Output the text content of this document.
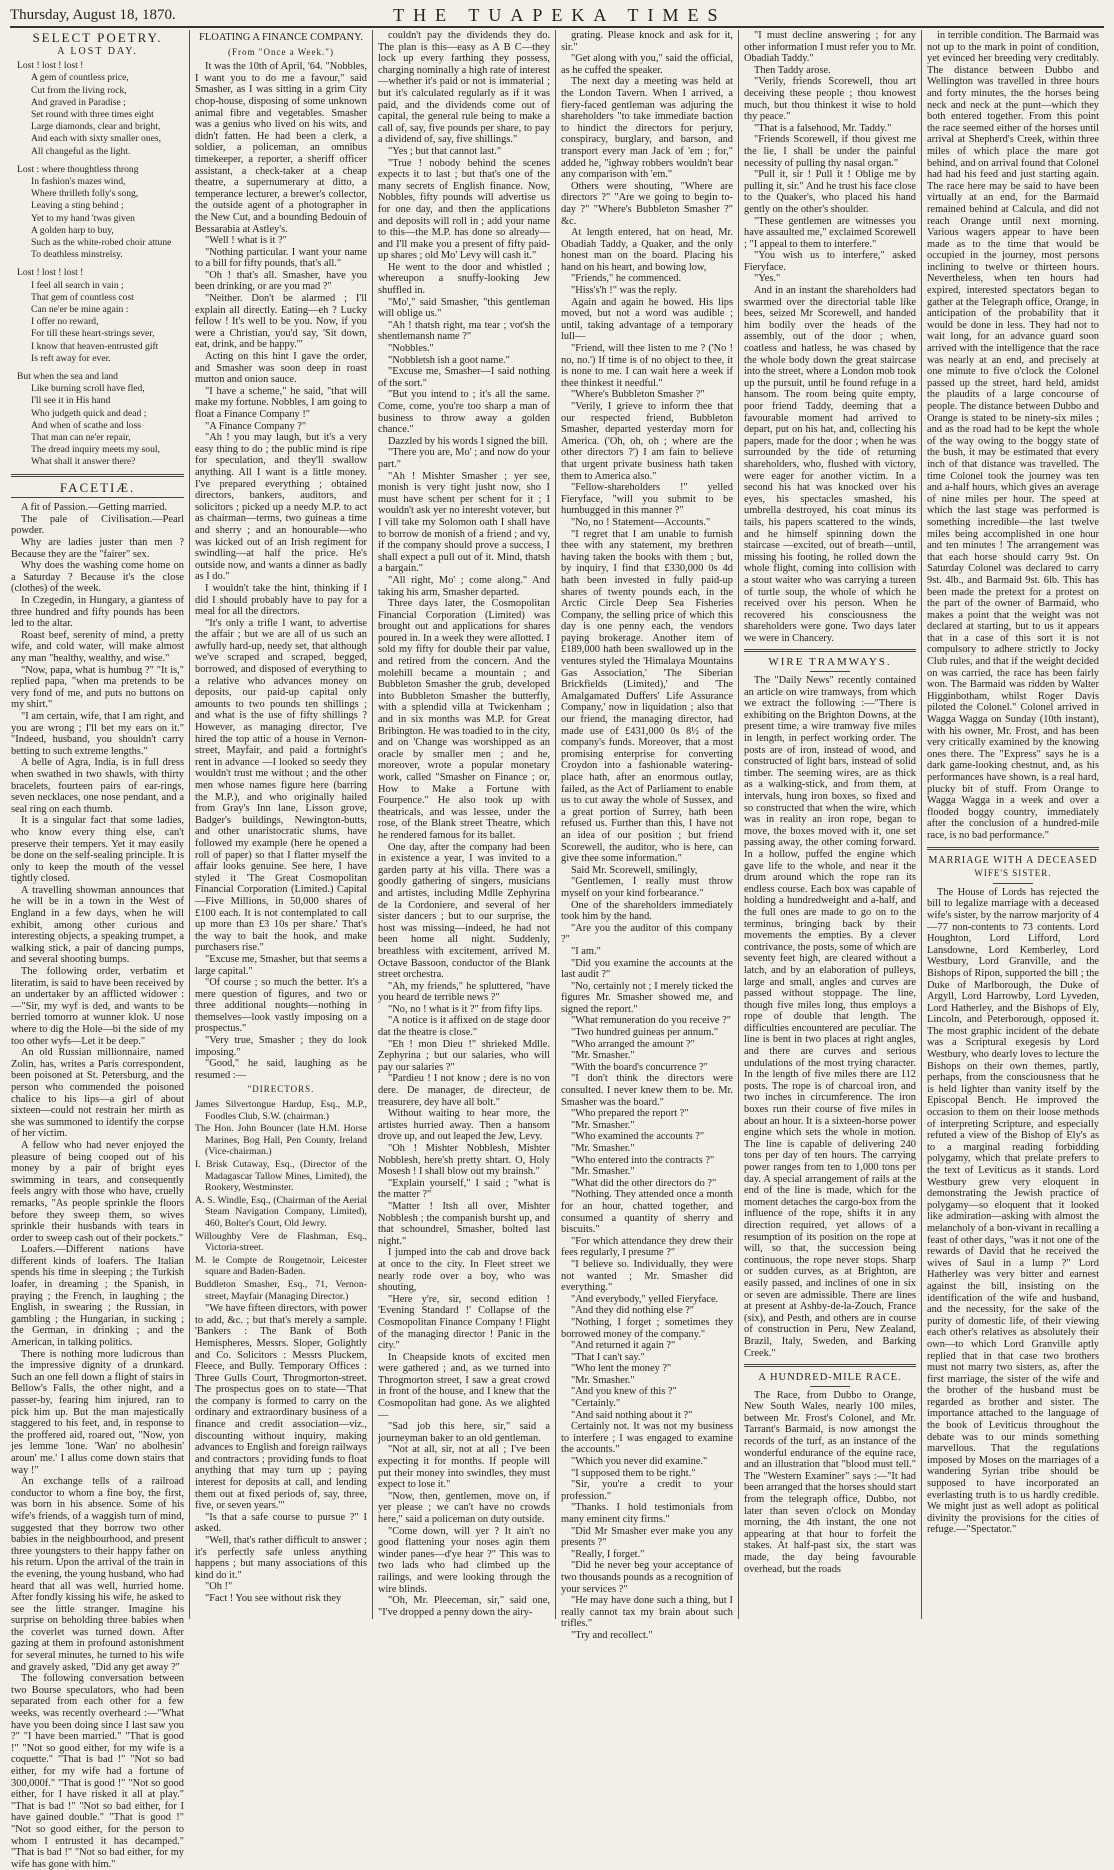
Thursday, August 18, 1870.	THE TUAPEKA TIMES
SELECT POETRY.
A LOST DAY.
Lost ! lost ! lost !
A gem of countless price,
Cut from the living rock,
And graved in Paradise ;
Set round with three times eight
Large diamonds, clear and bright,
And each with sixty smaller ones,
All changeful as the light.
Lost : where thoughtless throng
In fashion's mazes wind,
Where thrilleth folly's song,
Leaving a sting behind ;
Yet to my hand 'twas given
A golden harp to buy,
Such as the white-robed choir attune
To deathless minstrelsy.
Lost ! lost ! lost !
I feel all search in vain ;
That gem of countless cost
Can ne'er be mine again :
I offer no reward,
For till these heart-strings sever,
I know that heaven-entrusted gift
Is reft away for ever.
But when the sea and land
Like burning scroll have fled,
I'll see it in His hand
Who judgeth quick and dead ;
And when of scathe and loss
That man can ne'er repair,
The dread inquiry meets my soul,
What shall it answer there?
FACETIÆ.

A fit of Passion.—Getting married.

The pale of Civilisation.—Pearl powder.

Why are ladies juster than men ? Because they are the "fairer" sex.

Why does the washing come home on a Saturday ? Because it's the close (clothes) of the week.

In Czegedin, in Hungary, a giantess of three hundred and fifty pounds has been led to the altar.

Roast beef, serenity of mind, a pretty wife, and cold water, will make almost any man "healthy, wealthy, and wise."

"Now, papa, what is humbug ?" "It is," replied papa, "when ma pretends to be very fond of me, and puts no buttons on my shirt."

"I am certain, wife, that I am right, and you are wrong ; I'll bet my ears on it." "Indeed, husband, you shouldn't carry betting to such extreme lengths."

A belle of Agra, India, is in full dress when swathed in two shawls, with thirty bracelets, fourteen pairs of ear-rings, seven necklaces, one nose pendant, and a seal ring on each thumb.

It is a singular fact that some ladies, who know every thing else, can't preserve their tempers. Yet it may easily be done on the self-sealing principle. It is only to keep the mouth of the vessel tightly closed.

A travelling showman announces that he will be in a town in the West of England in a few days, when he will exhibit, among other curious and interesting objects, a speaking trumpet, a walking stick, a pair of dancing pumps, and several shooting bumps.

The following order, verbatim et literatim, is said to have been received by an undertaker by an afflicted widower :—"Sir, my wyf is ded, and wants to be berried tomorro at wunner klok. U nose where to dig the Hole—bi the side of my too other wyfs—Let it be deep."

An old Russian millionnaire, named Zolin, has, writes a Paris correspondent, been poisoned at St. Petersburg, and the person who commended the poisoned chalice to his lips—a girl of about sixteen—could not restrain her mirth as she was summoned to identify the corpse of her victim.

A fellow who had never enjoyed the pleasure of being cooped out of his money by a pair of bright eyes swimming in tears, and consequently feels angry with those who have, cruelly remarks, "As people sprinkle the floors before they sweep them, so wives sprinkle their husbands with tears in order to sweep cash out of their pockets."

Loafers.—Different nations have different kinds of loafers. The Italian spends his time in sleeping ; the Turkish loafer, in dreaming ; the Spanish, in praying ; the French, in laughing ; the English, in swearing ; the Russian, in gambling ; the Hungarian, in sucking ; the German, in drinking ; and the American, in talking politics.

There is nothing more ludicrous than the impressive dignity of a drunkard. Such an one fell down a flight of stairs in Bellow's Falls, the other night, and a passer-by, fearing him injured, ran to pick him up. But the man majestically staggered to his feet, and, in response to the proffered aid, roared out, "Now, yon jes lemme 'lone. 'Wan' no abolhesin' aroun' me.' I allus come down stairs that way !"

An exchange tells of a railroad conductor to whom a fine boy, the first, was born in his absence. Some of his wife's friends, of a waggish turn of mind, suggested that they borrow two other babies in the neighbourhood, and present three youngsters to their happy father on his return. Upon the arrival of the train in the evening, the young husband, who had heard that all was well, hurried home. After fondly kissing his wife, he asked to see the little stranger. Imagine his surprise on beholding three babies when the coverlet was turned down. After gazing at them in profound astonishment for several minutes, he turned to his wife and gravely asked, "Did any get away ?"

The following conversation between two Bourse speculators, who had been separated from each other for a few weeks, was recently overheard :—"What have you been doing since I last saw you ?" "I have been married." "That is good !" "Not so good either, for my wife is a coquette." "That is bad !" "Not so bad either, for my wife had a fortune of 300,000f." "That is good !" "Not so good either, for I have risked it all at play." "That is bad !" "Not so bad either, for I have gained double." "That is good !" "Not so good either, for the person to whom I entrusted it has decamped." "That is bad !" "Not so bad either, for my wife has gone with him."

FLOATING A FINANCE COMPANY.
(From "Once a Week.")

It was the 10th of April, '64. "Nobbles, I want you to do me a favour," said Smasher, as I was sitting in a grim City chop-house, disposing of some unknown animal fibre and vegetables. Smasher was a genius who lived on his wits, and didn't fatten. He had been a clerk, a soldier, a policeman, an omnibus timekeeper, a reporter, a sheriff officer assistant, a check-taker at a cheap theatre, a supernumerary at ditto, a temperance lecturer, a brewer's collector, the outside agent of a photographer in the New Cut, and a bounding Bedouin of Bessarabia at Astley's.

"Well ! what is it ?"

"Nothing particular. I want your name to a bill for fifty pounds, that's all."

"Oh ! that's all. Smasher, have you been drinking, or are you mad ?"

"Neither. Don't be alarmed ; I'll explain all directly. Eating—eh ? Lucky fellow ! It's well to be you. Now, if you were a Christian, you'd say, 'Sit down, eat, drink, and be happy.'"

Acting on this hint I gave the order, and Smasher was soon deep in roast mutton and onion sauce.

"I have a scheme," he said, "that will make my fortune. Nobbles, I am going to float a Finance Company !"

"A Finance Company ?"

"Ah ! you may laugh, but it's a very easy thing to do ; the public mind is ripe for speculation, and they'll swallow anything. All I want is a little money. I've prepared everything ; obtained directors, bankers, auditors, and solicitors ; picked up a needy M.P. to act as chairman—terms, two guineas a time and sherry ; and an honourable—who was kicked out of an Irish regiment for swindling—at half the price. He's outside now, and wants a dinner as badly as I do."

I wouldn't take the hint, thinking if I did I should probably have to pay for a meal for all the directors.

"It's only a trifle I want, to advertise the affair ; but we are all of us such an awfully hard-up, needy set, that although we've scraped and scraped, begged, borrowed, and disposed of everything to a relative who advances money on deposits, our paid-up capital only amounts to two pounds ten shillings ; and what is the use of fifty shillings ? However, as managing director, I've hired the top attic of a house in Vernon-street, Mayfair, and paid a fortnight's rent in advance —I looked so seedy they wouldn't trust me without ; and the other men whose names figure here (barring the M.P.), and who originally hailed from Gray's Inn lane, Lisson grove, Badger's buildings, Newington-butts, and other unaristocratic slums, have followed my example (here he opened a roll of paper) so that I flatter myself the affair looks genuine. See here, I have styled it 'The Great Cosmopolitan Financial Corporation (Limited.) Capital—Five Millions, in 50,000 shares of £100 each. It is not contemplated to call up more than £3 10s per share.' That's the way to bait the hook, and make purchasers rise."

"Excuse me, Smasher, but that seems a large capital."

"Of course ; so much the better. It's a mere question of figures, and two or three additional noughts—nothing in themselves—look vastly imposing on a prospectus."

"Very true, Smasher ; they do look imposing."

"Good," he said, laughing as he resumed :—

"DIRECTORS.
James Silvertongue Hardup, Esq., M.P., Foodles Club, S.W. (chairman.)
The Hon. John Bouncer (late H.M. Horse Marines, Bog Hall, Pen County, Ireland (Vice-chairman.)
I. Brisk Cutaway, Esq., (Director of the Madagascar Tallow Mines, Limited), the Rookery, Westminster.
A. S. Windle, Esq., (Chairman of the Aerial Steam Navigation Company, Limited), 460, Bolter's Court, Old Jewry.
Willoughby Vere de Flashman, Esq., Victoria-street.
M. le Compte de Rougetnoir, Leicester square and Baden-Baden.
Buddleton Smasher, Esq., 71, Vernon-street, Mayfair (Managing Director.)

"We have fifteen directors, with power to add, &c. ; but that's merely a sample. 'Bankers : The Bank of Both Hemispheres, Messrs. Sloper, Golightly and Co. Solicitors : Messrs Pluckem, Fleece, and Bully. Temporary Offices : Three Gulls Court, Throgmorton-street. The prospectus goes on to state—'That the company is formed to carry on the ordinary and extraordinary business of a finance and credit association—viz., discounting without inquiry, making advances to English and foreign railways and contractors ; providing funds to float anything that may turn up ; paying interest for deposits at call, and lending them out at fixed periods of, say, three, five, or seven years.'"

"Is that a safe course to pursue ?" I asked.

"Well, that's rather difficult to answer ; it's perfectly safe unless anything happens ; but many associations of this kind do it."

"Oh !"

"Fact ! You see without risk they

couldn't pay the dividends they do. The plan is this—easy as A B C—they lock up every farthing they possess, charging nominally a high rate of interest—whether it's paid or not is immaterial ; but it's calculated regularly as if it was paid, and the dividends come out of capital, the general rule being to make a call of, say, five pounds per share, to pay a dividend of, say, five shillings."

"Yes ; but that cannot last."

"True ! nobody behind the scenes expects it to last ; but that's one of the many secrets of English finance. Now, Nobbles, fifty pounds will advertise us for one day, and then the applications and deposits will roll in ; add your name to this—the M.P. has done so already—and I'll make you a present of fifty paid-up shares ; old Mo' Levy will cash it."

He went to the door and whistled ; whereupon a snuffy-looking Jew shuffled in.

"Mo'," said Smasher, "this gentleman will oblige us."

"Ah ! thatsh right, ma tear ; vot'sh the shentlemansh name ?"

"Nobbles."

"Nobbletsh ish a goot name."

"Excuse me, Smasher—I said nothing of the sort."

"But you intend to ; it's all the same. Come, come, you're too sharp a man of business to throw away a golden chance."

Dazzled by his words I signed the bill.

"There you are, Mo' ; and now do your part."

"Ah ! Mishter Smasher ; yer see, monish is very tight jusht now, sho I must have schent per schent for it ; I wouldn't ask yer no interesht votever, but I vill take my Solomon oath I shall have to borrow de monish of a friend ; and vy, if the company should prove a success, I shall expect a pull out of it. Mind, thatsh a bargain."

"All right, Mo' ; come along." And taking his arm, Smasher departed.

Three days later, the Cosmopolitan Financial Corporation (Limited) was brought out and applications for shares poured in. In a week they were allotted. I sold my fifty for double their par value, and retired from the concern. And the molehill became a mountain ; and Bubbleton Smasher the grub, developed into Bubbleton Smasher the butterfly, with a splendid villa at Twickenham ; and in six months was M.P. for Great Bribington. He was toadied to in the city, and on 'Change was worshipped as an oracle by smaller men ; and he, moreover, wrote a popular monetary work, called "Smasher on Finance ; or, How to Make a Fortune with Fourpence." He also took up with theatricals, and was lessee, under the rose, of the Blank street Theatre, which he rendered famous for its ballet.

One day, after the company had been in existence a year, I was invited to a garden party at his villa. There was a goodly gathering of singers, musicians and artistes, including Mdlle Zephyrina de la Cordoniere, and several of her sister dancers ; but to our surprise, the host was missing—indeed, he had not been home all night. Suddenly, breathless with excitement, arrived M. Octave Bassoon, conductor of the Blank street orchestra.

"Ah, my friends," he spluttered, "have you heard de terrible news ?"

"No, no ! what is it ?" from fifty lips.

"A notice is it affixed on de stage door dat the theatre is close."

"Eh ! mon Dieu !" shrieked Mdlle. Zephyrina ; but our salaries, who will pay our salaries ?"

"Pardieu ! I not know ; dere is no von dere. De manager, de directeur, de treasurere, dey have all bolt."

Without waiting to hear more, the artistes hurried away. Then a hansom drove up, and out leaped the Jew, Levy.

"Oh ! Mishter Nobblesh, Mishter Nobblesh, here'sh pretty shtart. O, Holy Mosesh ! I shall blow out my brainsh."

"Explain yourself," I said ; "what is the matter ?"

"Matter ! Itsh all over, Mishter Nobblesh ; the companish bursht up, and that schoundrel, Smasher, bolted last night."

I jumped into the cab and drove back at once to the city. In Fleet street we nearly rode over a boy, who was shouting,

"Here y're, sir, second edition ! 'Evening Standard !' Collapse of the Cosmopolitan Finance Company ! Flight of the managing director ! Panic in the city."

In Cheapside knots of excited men were gathered ; and, as we turned into Throgmorton street, I saw a great crowd in front of the house, and I knew that the Cosmopolitan had gone. As we alighted—

"Sad job this here, sir," said a journeyman baker to an old gentleman.

"Not at all, sir, not at all ; I've been expecting it for months. If people will put their money into swindles, they must expect to lose it."

"Now, then, gentlemen, move on, if yer please ; we can't have no crowds here," said a policeman on duty outside.

"Come down, will yer ? It ain't no good flattening your noses agin them winder panes—d'ye hear ?" This was to two lads who had climbed up the railings, and were looking through the wire blinds.

"Oh, Mr. Pleeceman, sir," said one, "I've dropped a penny down the airy-

grating. Please knock and ask for it, sir."

"Get along with you," said the official, as he cuffed the speaker.

The next day a meeting was held at the London Tavern. When I arrived, a fiery-faced gentleman was adjuring the shareholders "to take immediate baction to hindict the directors for perjury, conspiracy, burglary, and barson, and transport every man Jack of 'em ; for," added he, "ighway robbers wouldn't bear any comparison with 'em."

Others were shouting, "Where are directors ?" "Are we going to begin to-day ?" "Where's Bubbleton Smasher ?" &c.

At length entered, hat on head, Mr. Obadiah Taddy, a Quaker, and the only honest man on the board. Placing his hand on his heart, and bowing low,

"Friends," he commenced.

"Hiss's'h !" was the reply.

Again and again he bowed. His lips moved, but not a word was audible ; until, taking advantage of a temporary lull—

"Friend, will thee listen to me ? ('No ! no, no.') If time is of no object to thee, it is none to me. I can wait here a week if thee thinkest it needful."

"Where's Bubbleton Smasher ?"

"Verily, I grieve to inform thee that our respected friend, Bubbleton Smasher, departed yesterday morn for America. ('Oh, oh, oh ; where are the other directors ?') I am fain to believe that urgent private business hath taken them to America also."

"Fellow-shareholders !" yelled Fieryface, "will you submit to be humbugged in this manner ?"

"No, no ! Statement—Accounts."

"I regret that I am unable to furnish thee with any statement, my brethren having taken the books with them ; but, by inquiry, I find that £330,000 0s 4d hath been invested in fully paid-up shares of twenty pounds each, in the Arctic Circle Deep Sea Fisheries Company, the selling price of which this day is one penny each, the vendors paying brokerage. Another item of £189,000 hath been swallowed up in the ventures styled the 'Himalaya Mountains Gas Association,' 'The Siberian Brickfields (Limited),' and 'The Amalgamated Duffers' Life Assurance Company,' now in liquidation ; also that our friend, the managing director, had made use of £431,000 0s 8½ of the company's funds. Moreover, that a most promising enterprise for converting Croydon into a fashionable watering-place hath, after an enormous outlay, failed, as the Act of Parliament to enable us to cut away the whole of Sussex, and a great portion of Surrey, hath been refused us. Further than this, I have not an idea of our position ; but friend Scorewell, the auditor, who is here, can give thee some information."

Said Mr. Scorewell, smilingly,

"Gentlemen, I really must throw myself on your kind forbearance."

One of the shareholders immediately took him by the hand.

"Are you the auditor of this company ?"

"I am."

"Did you examine the accounts at the last audit ?"

"No, certainly not ; I merely ticked the figures Mr. Smasher showed me, and signed the report."

"What remuneration do you receive ?"

"Two hundred guineas per annum."

"Who arranged the amount ?"

"Mr. Smasher."

"With the board's concurrence ?"

"I don't think the directors were consulted. I never knew them to be. Mr. Smasher was the board."

"Who prepared the report ?"

"Mr. Smasher."

"Who examined the accounts ?"

"Mr. Smasher."

"Who entered into the contracts ?"

"Mr. Smasher."

"What did the other directors do ?"

"Nothing. They attended once a month for an hour, chatted together, and consumed a quantity of sherry and biscuits."

"For which attendance they drew their fees regularly, I presume ?"

"I believe so. Individually, they were not wanted ; Mr. Smasher did everything."

"And everybody," yelled Fieryface.

"And they did nothing else ?"

"Nothing, I forget ; sometimes they borrowed money of the company."

"And returned it again ?"

"That I can't say."

"Who lent the money ?"

"Mr. Smasher."

"And you knew of this ?"

"Certainly."

"And said nothing about it ?"

Certainly not. It was not my business to interfere ; I was engaged to examine the accounts."

"Which you never did examine."

"I supposed them to be right."

"Sir, you're a credit to your profession."

"Thanks. I hold testimonials from many eminent city firms."

"Did Mr Smasher ever make you any presents ?"

"Really, I forget."

"Did he never beg your acceptance of two thousands pounds as a recognition of your services ?"

"He may have done such a thing, but I really cannot tax my brain about such trifles."

"Try and recollect."

"I must decline answering ; for any other information I must refer you to Mr. Obadiah Taddy."

Then Taddy arose.

"Verily, friends Scorewell, thou art deceiving these people ; thou knowest much, but thou thinkest it wise to hold thy peace."

"That is a falsehood, Mr. Taddy."

"Friends Scorewell, if thou givest me the lie, I shall be under the painful necessity of pulling thy nasal organ."

"Pull it, sir ! Pull it ! Oblige me by pulling it, sir." And he trust his face close to the Quaker's, who placed his hand gently on the other's shoulder.

"These gentlemen are witnesses you have assaulted me," exclaimed Scorewell ; "I appeal to them to interfere."

"You wish us to interfere," asked Fieryface.

"Yes."

And in an instant the shareholders had swarmed over the directorial table like bees, seized Mr Scorewell, and handed him bodily over the heads of the assembly, out of the door ; when, coatless and hatless, he was chased by the whole body down the great staircase into the street, where a London mob took up the pursuit, until he found refuge in a hansom. The room being quite empty, poor friend Taddy, deeming that a favourable moment had arrived to depart, put on his hat, and, collecting his papers, made for the door ; when he was surrounded by the tide of returning shareholders, who, flushed with victory, were eager for another victim. In a second his hat was knocked over his eyes, his spectacles smashed, his umbrella destroyed, his coat minus its tails, his papers scattered to the winds, and he himself spinning down the staircase —excited, out of breath—until, missing his footing, he rolled down the whole flight, coming into collision with a stout waiter who was carrying a tureen of turtle soup, the whole of which he received over his person. When he recovered his consciousness the shareholders were gone. Two days later we were in Chancery.

WIRE TRAMWAYS.

The "Daily News" recently contained an article on wire tramways, from which we extract the following :—"There is exhibiting on the Brighton Downs, at the present time, a wire tramway five miles in length, in perfect working order. The posts are of iron, instead of wood, and constructed of light bars, instead of solid timber. The seeming wires, are as thick as a walking-stick, and from them, at intervals, hung iron boxes, so fixed and so constructed that when the wire, which was in reality an iron rope, began to move, the boxes moved with it, one set passing away, the other coming forward. In a hollow, puffed the engine which gave life to the whole, and near it the drum around which the rope ran its endless course. Each box was capable of holding a hundredweight and a-half, and the full ones are made to go on to the terminus, bringing back by their movements the empties. By a clever contrivance, the posts, some of which are seventy feet high, are cleared without a latch, and by an elaboration of pulleys, large and small, angles and curves are passed without stoppage. The line, though five miles long, thus employs a rope of double that length. The difficulties encountered are peculiar. The line is bent in two places at right angles, and there are curves and serious undulations of the most trying character. In the length of five miles there are 112 posts. The rope is of charcoal iron, and two inches in circumference. The iron boxes run their course of five miles in about an hour. It is a sixteen-horse power engine which sets the whole in motion. The line is capable of delivering 240 tons per day of ten hours. The carrying power ranges from ten to 1,000 tons per day. A special arrangement of rails at the end of the line is made, which for the moment detaches the cargo-box from the influence of the rope, shifts it in any direction required, yet allows of a resumption of its position on the rope at will, so that, the succession being continuous, the rope never stops. Sharp or sudden curves, as at Brighton, are easily passed, and inclines of one in six or seven are admissible. There are lines at present at Ashby-de-la-Zouch, France (six), and Pesth, and others are in course of construction in Peru, New Zealand, Brazil, Italy, Sweden, and Barking Creek."

A HUNDRED-MILE RACE.

The Race, from Dubbo to Orange, New South Wales, nearly 100 miles, between Mr. Frost's Colonel, and Mr. Tarrant's Barmaid, is now amongst the records of the turf, as an instance of the wonderful endurance of the equine race, and an illustration that "blood must tell." The "Western Examiner" says :—"It had been arranged that the horses should start from the telegraph office, Dubbo, not later than seven o'clock on Monday morning, the 4th instant, the one not appearing at that hour to forfeit the stakes. At half-past six, the start was made, the day being favourable overhead, but the roads

in terrible condition. The Barmaid was not up to the mark in point of condition, yet evinced her breeding very creditably. The distance between Dubbo and Wellington was travelled in three hours and forty minutes, the the horses being neck and neck at the punt—which they both entered together. From this point the race seemed either of the horses until arrival at Shepherd's Creek, within three miles of which place the mare got behind, and on arrival found that Colonel had had his feed and just starting again. The race here may be said to have been virtually at an end, for the Barmaid remained behind at Calcula, and did not reach Orange until next morning. Various wagers appear to have been made as to the time that would be occupied in the journey, most persons inclining to twelve or thirteen hours. Nevertheless, when ten hours had expired, interested spectators began to gather at the Telegraph office, Orange, in anticipation of the probability that it would be done in less. They had not to wait long, for an advance guard soon arrived with the intelligence that the race was nearly at an end, and precisely at one minute to five o'clock the Colonel passed up the street, hard held, amidst the plaudits of a large concourse of people. The distance between Dubbo and Orange is stated to be ninety-six miles ; and as the road had to be kept the whole of the way owing to the boggy state of the bush, it may be estimated that every inch of that distance was travelled. The time Colonel took the journey was ten and a-half hours, which gives an average of nine miles per hour. The speed at which the last stage was performed is something incredible—the last twelve miles being accomplished in one hour and ten minutes ! The arrangement was that each horse should carry 9st. On Saturday Colonel was declared to carry 9st. 4lb., and Barmaid 9st. 6lb. This has been made the pretext for a protest on the part of the owner of Barmaid, who makes a point that the weight was not declared at starting, but to us it appears that in a case of this sort it is not compulsory to adhere strictly to Jocky Club rules, and that if the weight decided on was carried, the race has been fairly won. The Barmaid was ridden by Walter Higginbotham, whilst Roger Davis piloted the Colonel." Colonel arrived in Wagga Wagga on Sunday (10th instant), with his owner, Mr. Frost, and has been very critically examined by the knowing ones there. The "Express" says he is a dark game-looking chestnut, and, as his performances have shown, is a real hard, plucky bit of stuff. From Orange to Wagga Wagga in a week and over a flooded boggy country, immediately after the conclusion of a hundred-mile race, is no bad performance."

MARRIAGE WITH A DECEASED
WIFE'S SISTER.

The House of Lords has rejected the bill to legalize marriage with a deceased wife's sister, by the narrow marjority of 4—77 non-contents to 73 contents. Lord Houghton, Lord Lifford, Lord Lansdowne, Lord Kemberley, Lord Westbury, Lord Granville, and the Bishops of Ripon, supported the bill ; the Duke of Marlborough, the Duke of Argyll, Lord Harrowby, Lord Lyveden, Lord Hatherley, and the Bishops of Ely, Lincoln, and Peterborough, opposed it. The most graphic incident of the debate was a Scriptural exegesis by Lord Westbury, who dearly loves to lecture the Bishops on their own themes, partly, perhaps, from the consciousness that he is held lighter than vanity itself by the Episcopal Bench. He improved the occasion to them on their loose methods of interpreting Scripture, and especially refuted a view of the Bishop of Ely's as to a marginal reading forbidding polygamy, which that prelate prefers to the text of Leviticus as it stands. Lord Westbury grew very eloquent in demonstrating the Jewish practice of polygamy—so eloquent that it looked like admiration—asking with almost the melancholy of a bon-vivant in recalling a feast of other days, "was it not one of the rewards of David that he received the wives of Saul in a lump ?" Lord Hatherley was very bitter and earnest against the bill, insisting on the identification of the wife and husband, and the necessity, for the sake of the purity of domestic life, of their viewing each other's relatives as absolutely their own—to which Lord Granville aptly replied that in that case two brothers must not marry two sisters, as, after the first marriage, the sister of the wife and the brother of the husband must be regarded as brother and sister. The importance attached to the language of the book of Leviticus throughout the debate was to our minds something marvellous. That the regulations imposed by Moses on the marriages of a wandering Syrian tribe should be supposed to have incorporated an everlasting truth is to us hardly credible. We might just as well adopt as political divinity the provisions for the cities of refuge.—"Spectator."
